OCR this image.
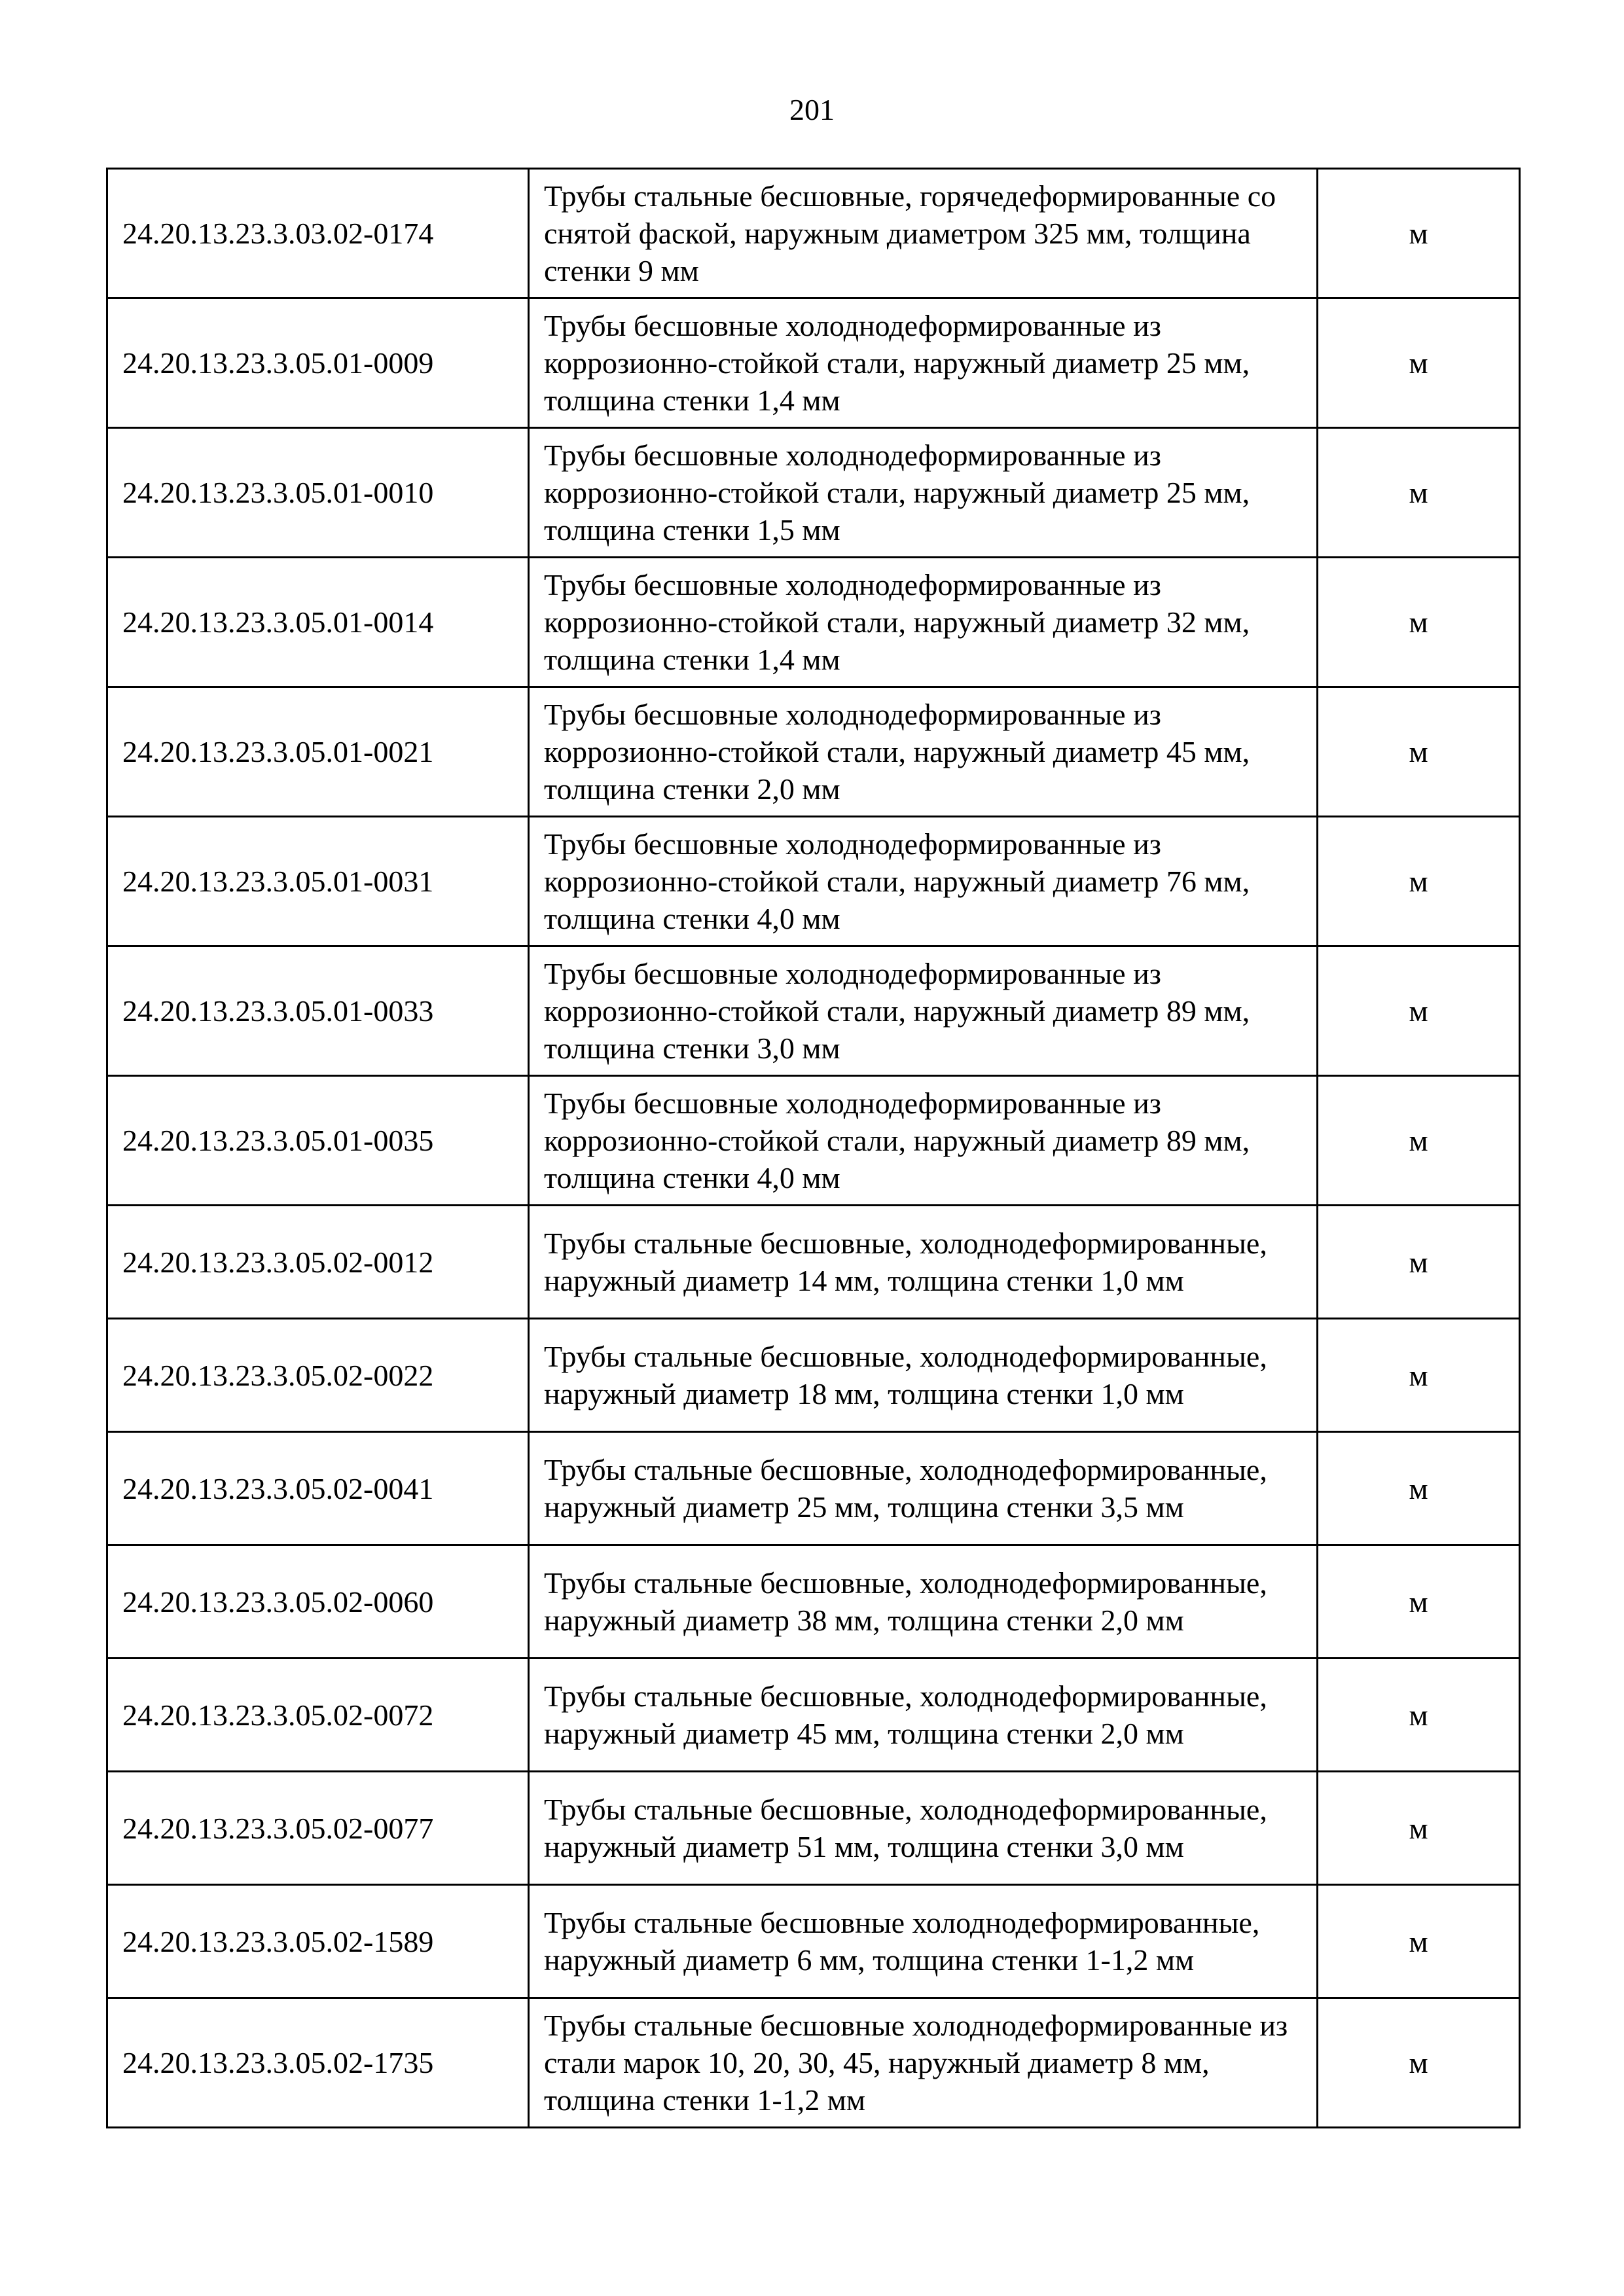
201
24.20.13.23.3.03.02-0174	Трубы стальные бесшовные, горячедеформированные со снятой фаской, наружным диаметром 325 мм, толщина стенки 9 мм	м
24.20.13.23.3.05.01-0009	Трубы бесшовные холоднодеформированные из коррозионно-стойкой стали, наружный диаметр 25 мм, толщина стенки 1,4 мм	м
24.20.13.23.3.05.01-0010	Трубы бесшовные холоднодеформированные из коррозионно-стойкой стали, наружный диаметр 25 мм, толщина стенки 1,5 мм	м
24.20.13.23.3.05.01-0014	Трубы бесшовные холоднодеформированные из коррозионно-стойкой стали, наружный диаметр 32 мм, толщина стенки 1,4 мм	м
24.20.13.23.3.05.01-0021	Трубы бесшовные холоднодеформированные из коррозионно-стойкой стали, наружный диаметр 45 мм, толщина стенки 2,0 мм	м
24.20.13.23.3.05.01-0031	Трубы бесшовные холоднодеформированные из коррозионно-стойкой стали, наружный диаметр 76 мм, толщина стенки 4,0 мм	м
24.20.13.23.3.05.01-0033	Трубы бесшовные холоднодеформированные из коррозионно-стойкой стали, наружный диаметр 89 мм, толщина стенки 3,0 мм	м
24.20.13.23.3.05.01-0035	Трубы бесшовные холоднодеформированные из коррозионно-стойкой стали, наружный диаметр 89 мм, толщина стенки 4,0 мм	м
24.20.13.23.3.05.02-0012	Трубы стальные бесшовные, холоднодеформированные, наружный диаметр 14 мм, толщина стенки 1,0 мм	м
24.20.13.23.3.05.02-0022	Трубы стальные бесшовные, холоднодеформированные, наружный диаметр 18 мм, толщина стенки 1,0 мм	м
24.20.13.23.3.05.02-0041	Трубы стальные бесшовные, холоднодеформированные, наружный диаметр 25 мм, толщина стенки 3,5 мм	м
24.20.13.23.3.05.02-0060	Трубы стальные бесшовные, холоднодеформированные, наружный диаметр 38 мм, толщина стенки 2,0 мм	м
24.20.13.23.3.05.02-0072	Трубы стальные бесшовные, холоднодеформированные, наружный диаметр 45 мм, толщина стенки 2,0 мм	м
24.20.13.23.3.05.02-0077	Трубы стальные бесшовные, холоднодеформированные, наружный диаметр 51 мм, толщина стенки 3,0 мм	м
24.20.13.23.3.05.02-1589	Трубы стальные бесшовные холоднодеформированные, наружный диаметр 6 мм, толщина стенки 1-1,2 мм	м
24.20.13.23.3.05.02-1735	Трубы стальные бесшовные холоднодеформированные из стали марок 10, 20, 30, 45, наружный диаметр 8 мм, толщина стенки 1-1,2 мм	м
